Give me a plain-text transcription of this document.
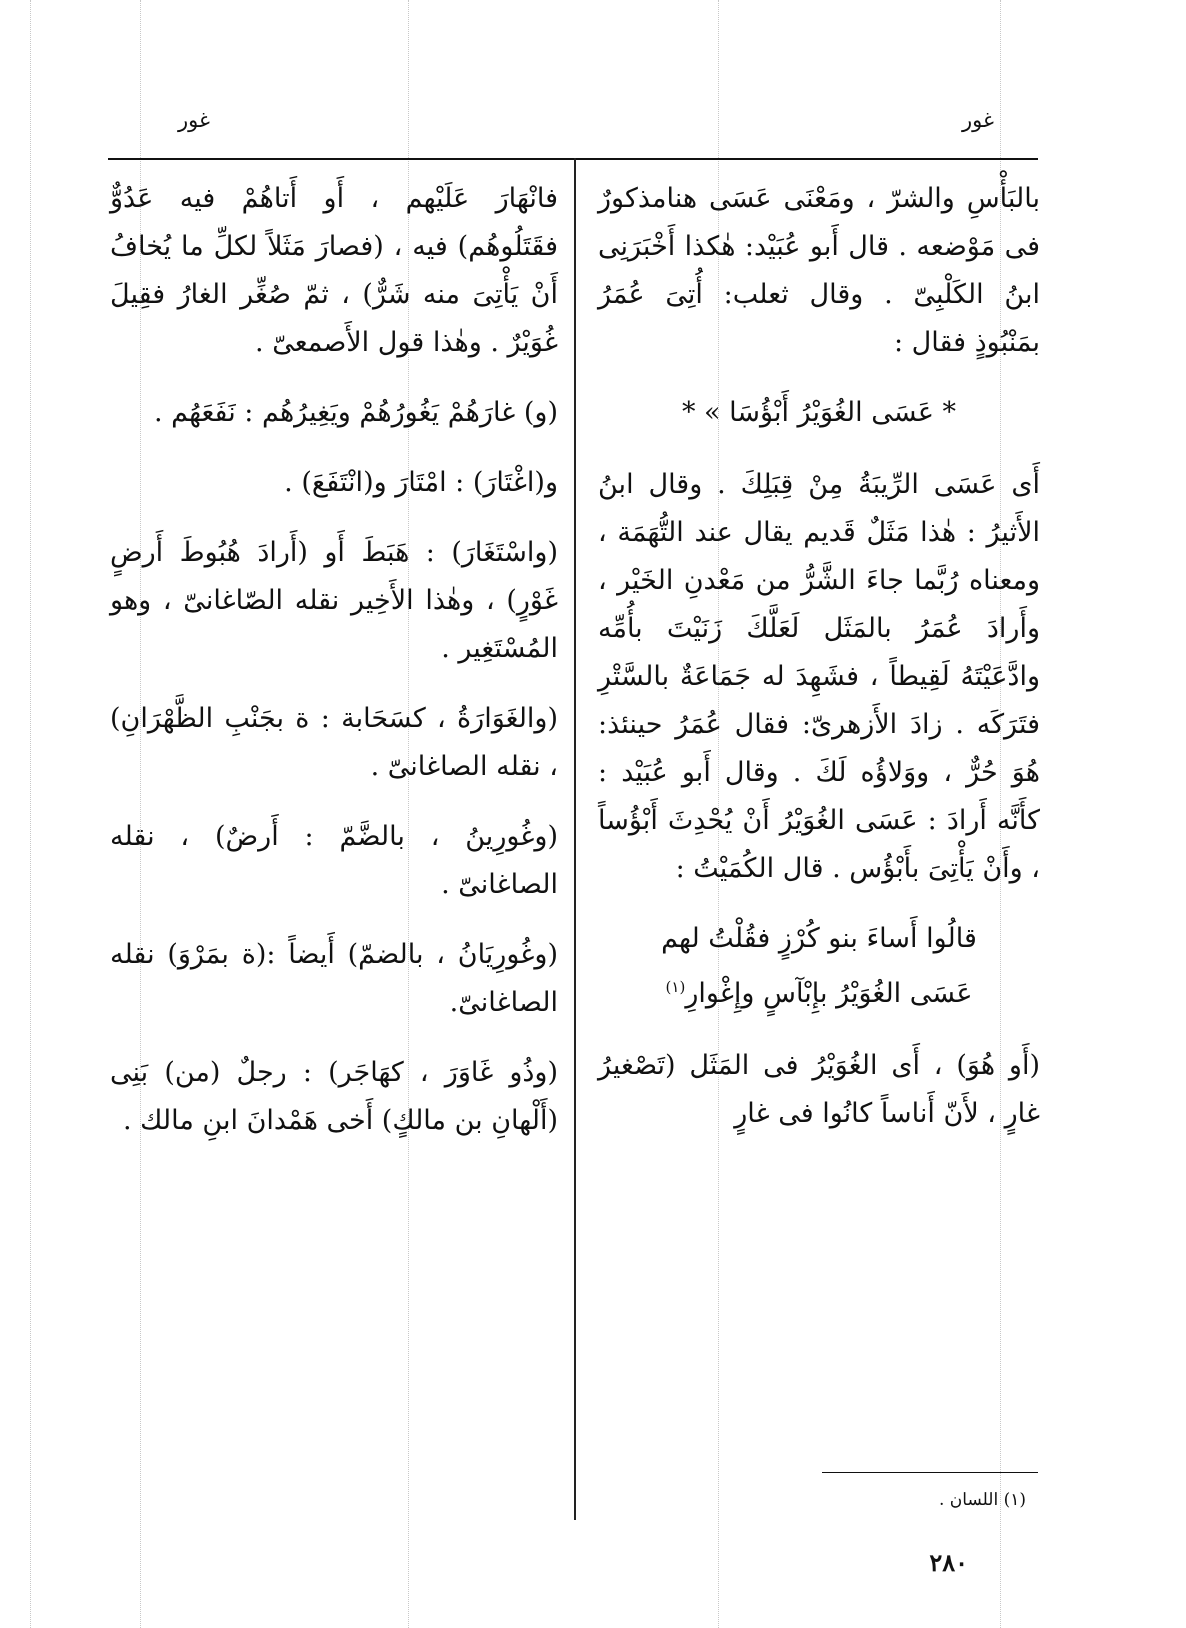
غور
غور

بالبَأْسِ والشرّ ، ومَعْنَى عَسَى هنامذكورٌ فى مَوْضعه . قال أَبو عُبَيْد: هٰكذا أَخْبَرَنِى ابنُ الكَلْبِىّ . وقال ثعلب: أُتِىَ عُمَرُ بمَنْبُوذٍ فقال :

* عَسَى الغُوَيْرُ أَبْؤُسَا » *

أَى عَسَى الرِّيبَةُ مِنْ قِبَلِكَ . وقال ابنُ الأَثيرُ : هٰذا مَثَلٌ قَديم يقال عند التُّهَمَة ، ومعناه رُبَّما جاءَ الشَّرُّ من مَعْدنِ الخَيْر ، وأَرادَ عُمَرُ بالمَثَل لَعَلَّكَ زَنَيْتَ بأُمِّه وادَّعَيْتَهُ لَقِيطاً ، فشَهِدَ له جَمَاعَةٌ بالسَّتْرِ فتَرَكَه . زادَ الأَزهرىّ: فقال عُمَرُ حينئذ: هُوَ حُرٌّ ، ووَلاؤُه لَكَ . وقال أَبو عُبَيْد : كأَنَّه أَرادَ : عَسَى الغُوَيْرُ أَنْ يُحْدِثَ أَبْؤُساً ، وأَنْ يَأْتِىَ بأَبْؤُس . قال الكُمَيْتُ :

قالُوا أَساءَ بنو كُرْزٍ فقُلْتُ لهم
عَسَى الغُوَيْرُ بإِبْآسٍ وإِغْوارِ$^{(١)}$

(أَو هُوَ) ، أَى الغُوَيْرُ فى المَثَل (تَصْغيرُ غارٍ ، لأَنّ أَناساً كانُوا فى غارٍ

فانْهَارَ عَلَيْهم ، أَو أَتاهُمْ فيه عَدُوٌّ فقَتَلُوهُم) فيه ، (فصارَ مَثَلاً لكلِّ ما يُخافُ أَنْ يَأْتِىَ منه شَرٌّ) ، ثمّ صُغِّر الغارُ فقِيلَ غُوَيْرٌ . وهٰذا قول الأَصمعىّ .

(و) غارَهُمْ يَغُورُهُمْ ويَغِيرُهُم : نَفَعَهُم .

و(اغْتَارَ) : امْتَارَ و(انْتَفَعَ) .

(واسْتَغَارَ) : هَبَطَ أَو (أَرادَ هُبُوطَ أَرضٍ غَوْرٍ) ، وهٰذا الأَخِير نقله الصّاغانىّ ، وهو المُسْتَغِير .

(والغَوَارَةُ ، كسَحَابة : ة بجَنْبِ الظَّهْرَانِ) ، نقله الصاغانىّ .

(وغُورِينُ ، بالضَّمّ : أَرضٌ) ، نقله الصاغانىّ .

(وغُورِيَانُ ، بالضمّ) أَيضاً :(ة بمَرْوَ) نقله الصاغانىّ.

(وذُو غَاوَرَ ، كهَاجَر) : رجلٌ (من) بَنِى (أَلْهانِ بن مالكٍ) أَخى هَمْدانَ ابنِ مالك .

(١) اللسان .
٢٨٠
